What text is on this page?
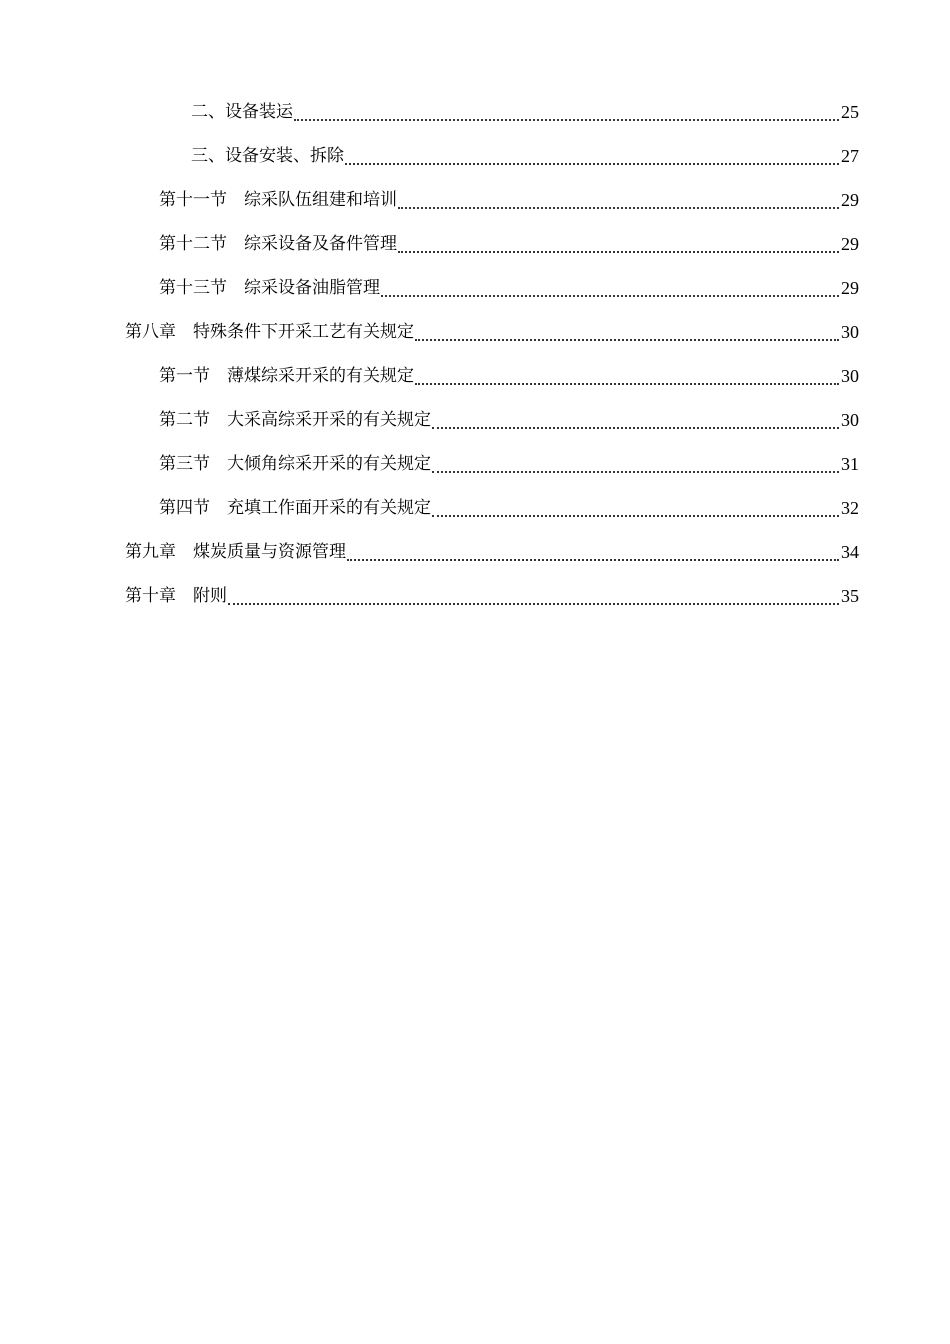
二、设备装运	25
三、设备安装、拆除	27
第十一节　综采队伍组建和培训	29
第十二节　综采设备及备件管理	29
第十三节　综采设备油脂管理	29
第八章　特殊条件下开采工艺有关规定	30
第一节　薄煤综采开采的有关规定	30
第二节　大采高综采开采的有关规定	30
第三节　大倾角综采开采的有关规定	31
第四节　充填工作面开采的有关规定	32
第九章　煤炭质量与资源管理	34
第十章　附则	35
